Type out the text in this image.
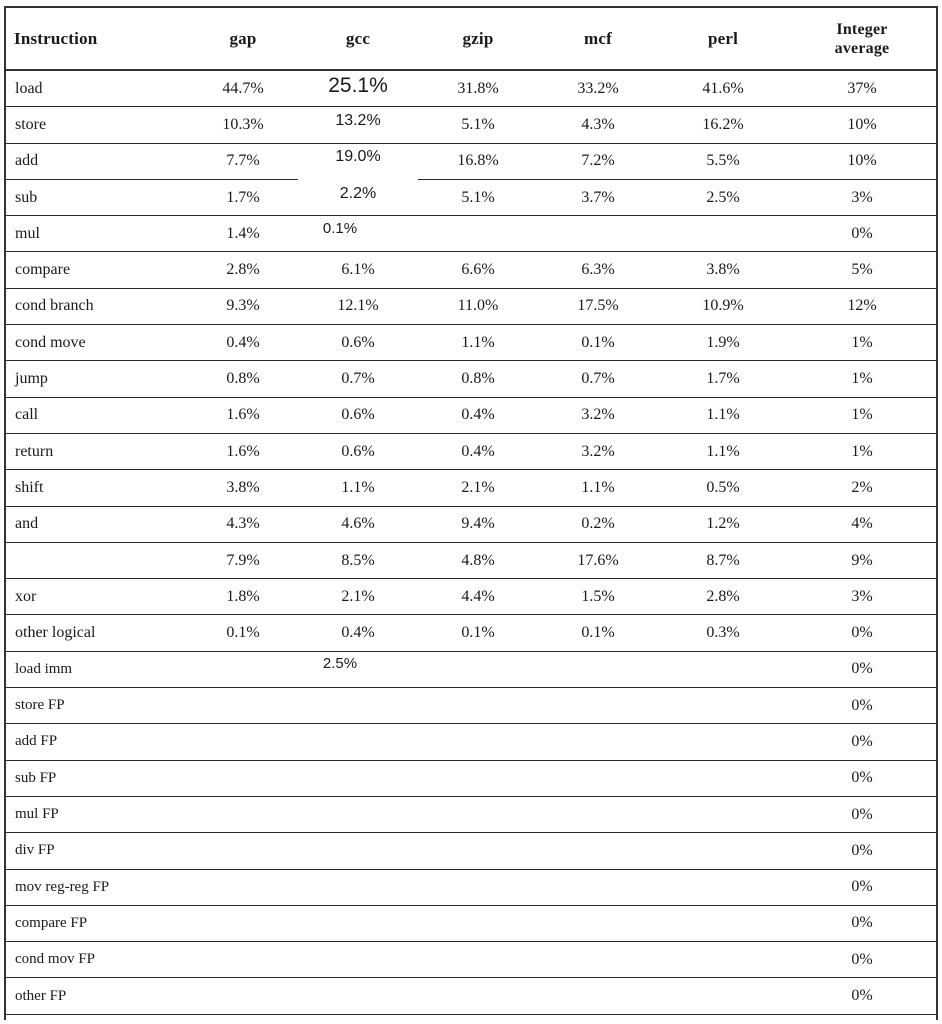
Instruction	gap	gcc	gzip	mcf	perl	Integer
average
load	44.7%	25.1%	31.8%	33.2%	41.6%	37%
store	10.3%	13.2%	5.1%	4.3%	16.2%	10%
add	7.7%	19.0%	16.8%	7.2%	5.5%	10%
sub	1.7%	2.2%	5.1%	3.7%	2.5%	3%
mul	1.4%	0.1%				0%
compare	2.8%	6.1%	6.6%	6.3%	3.8%	5%
cond branch	9.3%	12.1%	11.0%	17.5%	10.9%	12%
cond move	0.4%	0.6%	1.1%	0.1%	1.9%	1%
jump	0.8%	0.7%	0.8%	0.7%	1.7%	1%
call	1.6%	0.6%	0.4%	3.2%	1.1%	1%
return	1.6%	0.6%	0.4%	3.2%	1.1%	1%
shift	3.8%	1.1%	2.1%	1.1%	0.5%	2%
and	4.3%	4.6%	9.4%	0.2%	1.2%	4%
	7.9%	8.5%	4.8%	17.6%	8.7%	9%
xor	1.8%	2.1%	4.4%	1.5%	2.8%	3%
other logical	0.1%	0.4%	0.1%	0.1%	0.3%	0%
load imm		2.5%				0%
store FP						0%
add FP						0%
sub FP						0%
mul FP						0%
div FP						0%
mov reg-reg FP						0%
compare FP						0%
cond mov FP						0%
other FP						0%
